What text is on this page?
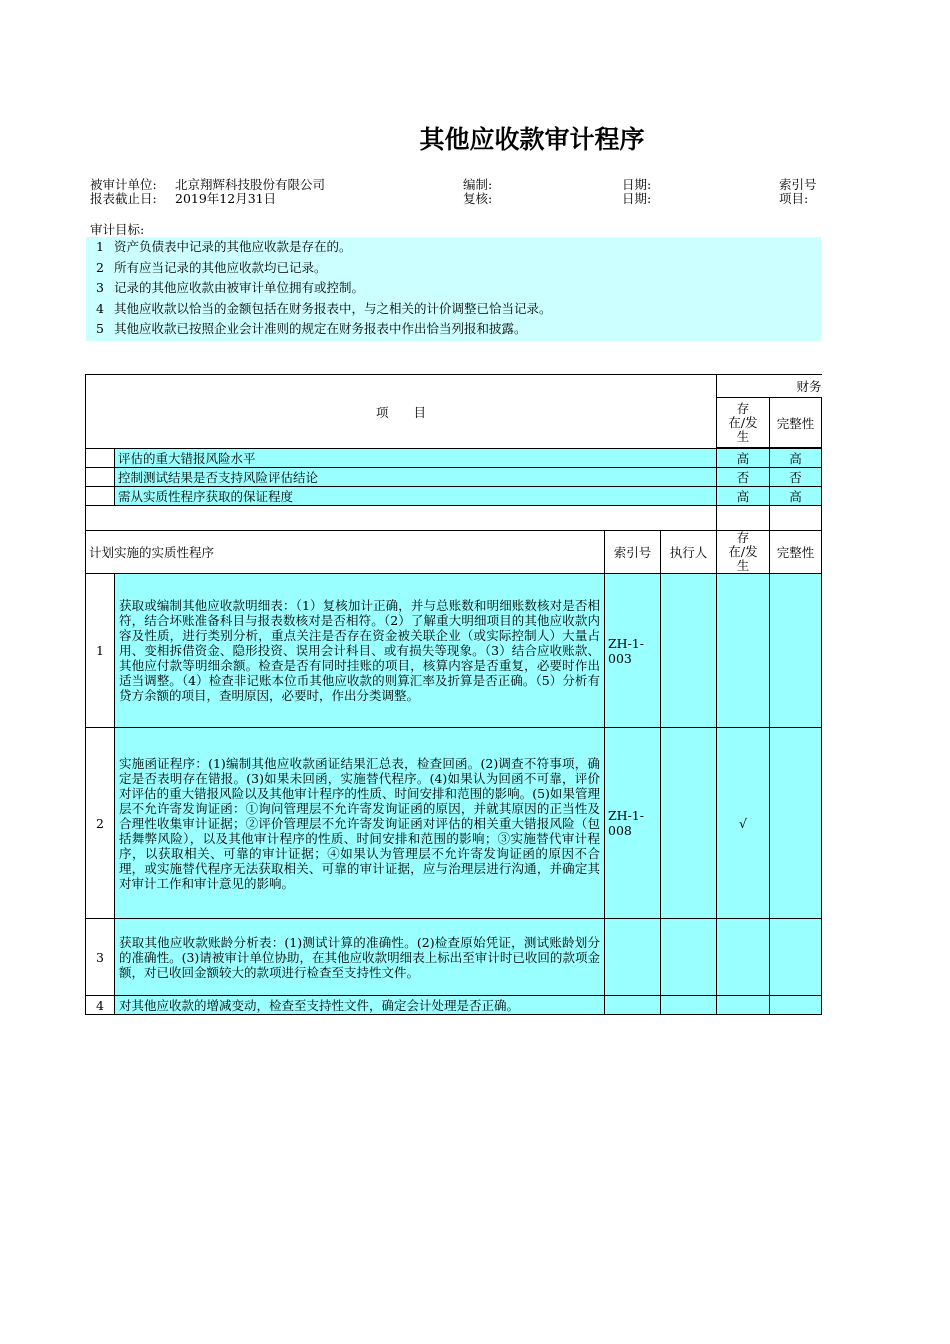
其他应收款审计程序
被审计单位: 北京翔辉科技股份有限公司
报表截止日: 2019年12月31日
编制:
复核:
日期:
日期:
索引号
项目:
审计目标:
1 资产负债表中记录的其他应收款是存在的。
2 所有应当记录的其他应收款均已记录。
3 记录的其他应收款由被审计单位拥有或控制。
4 其他应收款以恰当的金额包括在财务报表中，与之相关的计价调整已恰当记录。
5 其他应收款已按照企业会计准则的规定在财务报表中作出恰当列报和披露。
项　　目				财务	

				存
在/发
生	完整性

	评估的重大错报风险水平			高	高
	控制测试结果是否支持风险评估结论			否	否
	需从实质性程序获取的保证程度			高	高

计划实施的实质性程序		索引号	执行人	存
在/发
生	完整性
1	获取或编制其他应收款明细表：（1）复核加计正确，并与总账数和明细账数核对是否相符，结合坏账准备科目与报表数核对是否相符。（2）了解重大明细项目的其他应收款内容及性质，进行类别分析，重点关注是否存在资金被关联企业（或实际控制人）大量占用、变相拆借资金、隐形投资、误用会计科目、或有损失等现象。（3）结合应收账款、其他应付款等明细余额。检查是否有同时挂账的项目，核算内容是否重复，必要时作出适当调整。（4）检查非记账本位币其他应收款的则算汇率及折算是否正确。（5）分析有贷方余额的项目，查明原因，必要时，作出分类调整。	ZH-1-003			
2	实施函证程序：(1)编制其他应收款函证结果汇总表，检查回函。(2)调查不符事项，确定是否表明存在错报。(3)如果未回函，实施替代程序。(4)如果认为回函不可靠，评价对评估的重大错报风险以及其他审计程序的性质、时间安排和范围的影响。(5)如果管理层不允许寄发询证函：①询问管理层不允许寄发询证函的原因，并就其原因的正当性及合理性收集审计证据；②评价管理层不允许寄发询证函对评估的相关重大错报风险（包括舞弊风险），以及其他审计程序的性质、时间安排和范围的影响；③实施替代审计程序，以获取相关、可靠的审计证据；④如果认为管理层不允许寄发询证函的原因不合理，或实施替代程序无法获取相关、可靠的审计证据，应与治理层进行沟通，并确定其对审计工作和审计意见的影响。	ZH-1-008		√	
3	获取其他应收款账龄分析表：(1)测试计算的准确性。(2)检查原始凭证，测试账龄划分的准确性。(3)请被审计单位协助，在其他应收款明细表上标出至审计时已收回的款项金额，对已收回金额较大的款项进行检查至支持性文件。				
4	对其他应收款的增减变动，检查至支持性文件，确定会计处理是否正确。				
